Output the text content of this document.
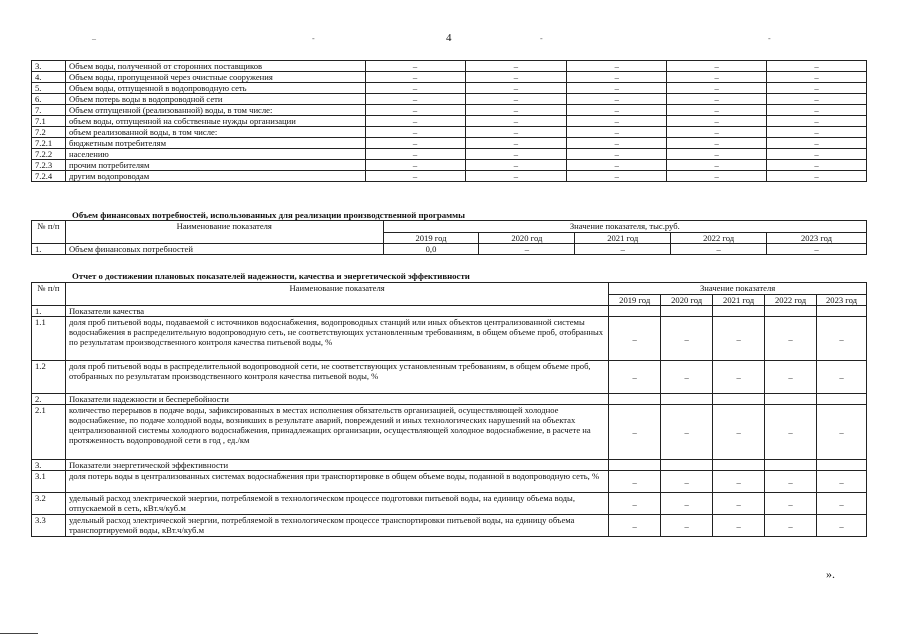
–	-	-	-
4
3.	Объем воды, полученной от сторонних поставщиков	–	–	–	–	–
4.	Объем воды, пропущенной через очистные сооружения	–	–	–	–	–
5.	Объем воды, отпущенной в водопроводную сеть	–	–	–	–	–
6.	Объем потерь воды в водопроводной сети	–	–	–	–	–
7.	Объем отпущенной (реализованной) воды, в том числе:	–	–	–	–	–
7.1	объем воды, отпущенной на собственные нужды организации	–	–	–	–	–
7.2	объем реализованной воды, в том числе:	–	–	–	–	–
7.2.1	бюджетным потребителям	–	–	–	–	–
7.2.2	населению	–	–	–	–	–
7.2.3	прочим потребителям	–	–	–	–	–
7.2.4	другим водопроводам	–	–	–	–	–
Объем финансовых потребностей, использованных для реализации производственной программы
№ п/п	Наименование показателя	Значение показателя, тыс.руб.				
		2019 год	2020 год	2021 год	2022 год	2023 год
1.	Объем финансовых потребностей	0,0	–	–	–	–
Отчет о достижении плановых показателей надежности, качества и энергетической эффективности
№ п/п	Наименование показателя	Значение показателя				
		2019 год	2020 год	2021 год	2022 год	2023 год
1.	Показатели качества					
1.1	доля проб питьевой воды, подаваемой с источников водоснабжения, водопроводных станций или иных объектов централизованной системы водоснабжения в распределительную водопроводную сеть, не соответствующих установленным требованиям, в общем объеме проб, отобранных по результатам производственного контроля качества питьевой воды, %	–	–	–	–	–
1.2	доля проб питьевой воды в распределительной водопроводной сети, не соответствующих установленным требованиям, в общем объеме проб, отобранных по результатам производственного контроля качества питьевой воды, %	–	–	–	–	–
2.	Показатели надежности и бесперебойности					
2.1	количество перерывов в подаче воды, зафиксированных в местах исполнения обязательств организацией, осуществляющей холодное водоснабжение, по подаче холодной воды, возникших в результате аварий, повреждений и иных технологических нарушений на объектах централизованной системы холодного водоснабжения, принадлежащих организации, осуществляющей холодное водоснабжение, в расчете на протяженность водопроводной сети в год , ед./км	–	–	–	–	–
3.	Показатели энергетической эффективности					
3.1	доля потерь воды в централизованных системах водоснабжения при транспортировке в общем объеме воды, поданной в водопроводную сеть, %	–	–	–	–	–
3.2	удельный расход электрической энергии, потребляемой в технологическом процессе подготовки питьевой воды, на единицу объема воды, отпускаемой в сеть, кВт.ч/куб.м	–	–	–	–	–
3.3	удельный расход электрической энергии, потребляемой в технологическом процессе транспортировки питьевой воды, на единицу объема транспортируемой воды, кВт.ч/куб.м	–	–	–	–	–
».
